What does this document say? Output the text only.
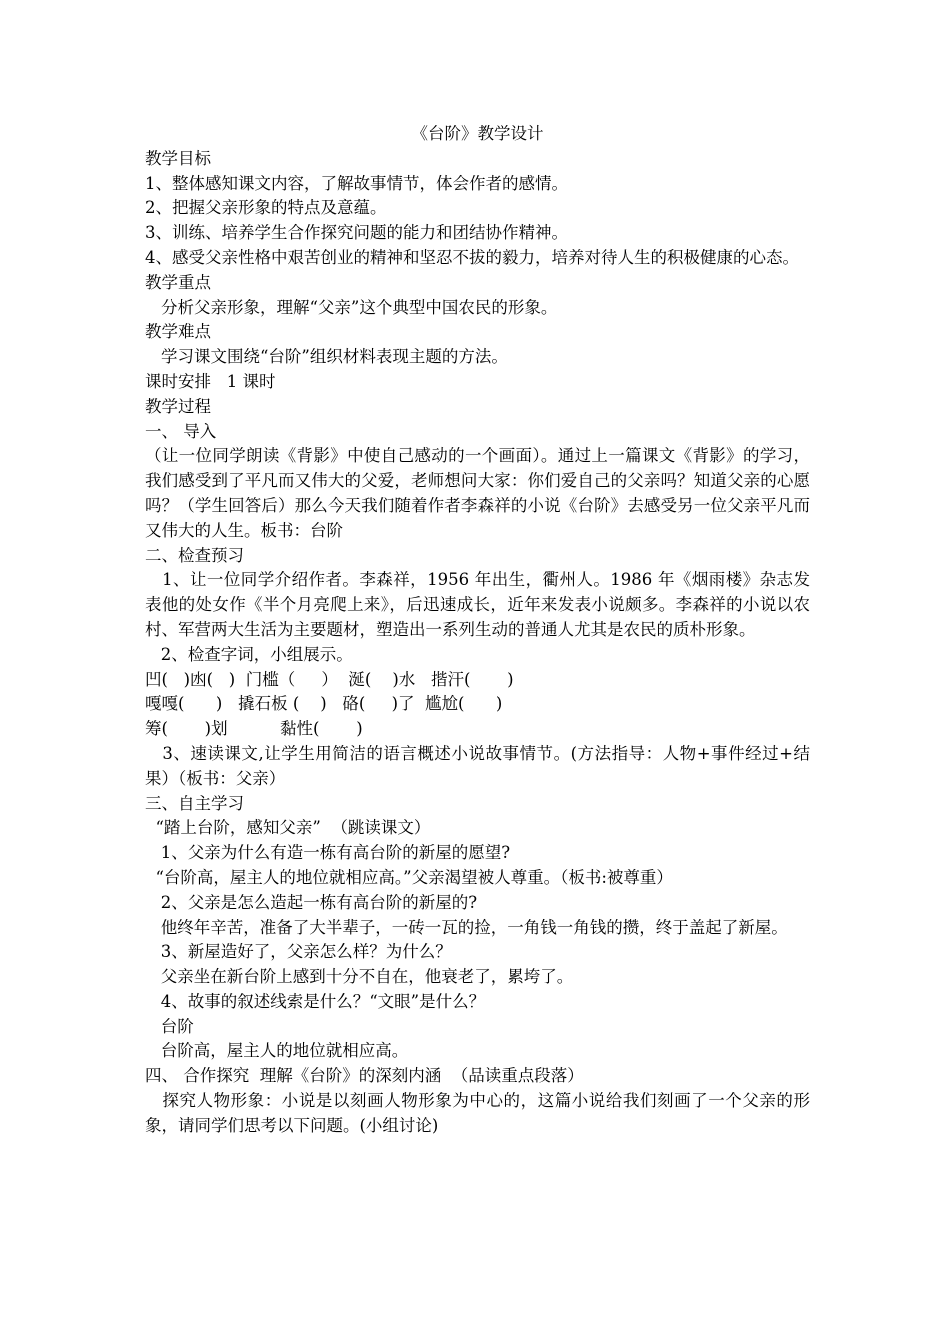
《台阶》教学设计

教学目标

1、整体感知课文内容，了解故事情节，体会作者的感情。

2、把握父亲形象的特点及意蕴。

3、训练、培养学生合作探究问题的能力和团结协作精神。

4、感受父亲性格中艰苦创业的精神和坚忍不拔的毅力，培养对待人生的积极健康的心态。

教学重点

分析父亲形象，理解“父亲”这个典型中国农民的形象。

教学难点

学习课文围绕“台阶”组织材料表现主题的方法。

课时安排   1 课时

教学过程

一、 导入

（让一位同学朗读《背影》中使自己感动的一个画面）。通过上一篇课文《背影》的学习，我们感受到了平凡而又伟大的父爱，老师想问大家：你们爱自己的父亲吗？知道父亲的心愿吗？（学生回答后）那么今天我们随着作者李森祥的小说《台阶》去感受另一位父亲平凡而又伟大的人生。板书：台阶

二、检查预习

1、让一位同学介绍作者。李森祥，1956 年出生，衢州人。1986 年《烟雨楼》杂志发表他的处女作《半个月亮爬上来》，后迅速成长，近年来发表小说颇多。李森祥的小说以农村、军营两大生活为主要题材，塑造出一系列生动的普通人尤其是农民的质朴形象。

2、检查字词，小组展示。

凹(   )凼(   )  门槛（     ）  涎(    )水   揩汗(       )

嘎嘎(      )   撬石板 (    )   硌(     )了  尴尬(      )

筹(       )划          黏性(       )

3、速读课文,让学生用简洁的语言概述小说故事情节。(方法指导：人物+事件经过+结果）（板书：父亲）

三、自主学习

“踏上台阶，感知父亲”  （跳读课文）

1、父亲为什么有造一栋有高台阶的新屋的愿望?

“台阶高，屋主人的地位就相应高。”父亲渴望被人尊重。（板书:被尊重）

2、父亲是怎么造起一栋有高台阶的新屋的?

他终年辛苦，准备了大半辈子，一砖一瓦的捡，一角钱一角钱的攒，终于盖起了新屋。

3、新屋造好了，父亲怎么样？为什么？

父亲坐在新台阶上感到十分不自在，他衰老了，累垮了。

4、故事的叙述线索是什么？“文眼”是什么？

台阶

台阶高，屋主人的地位就相应高。

四、 合作探究  理解《台阶》的深刻内涵  （品读重点段落）

探究人物形象：小说是以刻画人物形象为中心的，这篇小说给我们刻画了一个父亲的形象，请同学们思考以下问题。(小组讨论)
